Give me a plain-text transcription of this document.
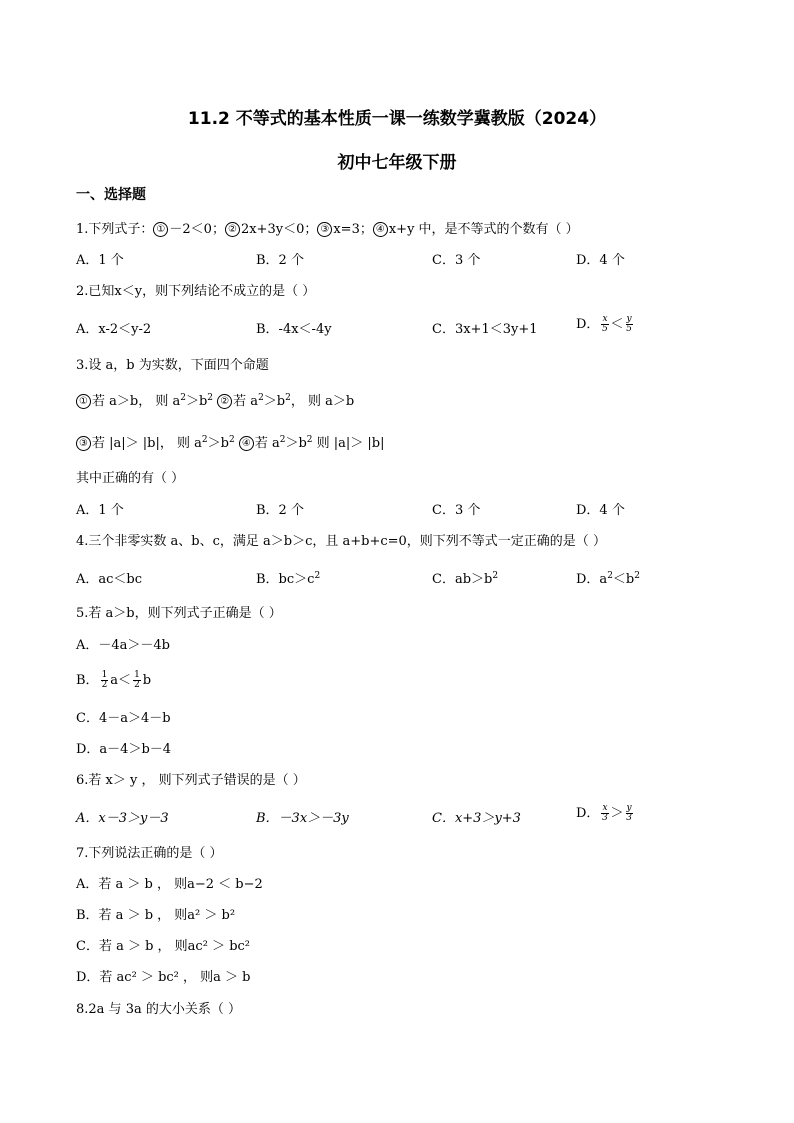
11.2 不等式的基本性质一课一练数学冀教版（2024）
初中七年级下册
一、选择题
1.下列式子： ① －2＜0； ② 2x+3y＜0； ③ x=3； ④ x+y 中，是不等式的个数有（ ）
A．1 个	B．2 个	C．3 个	D．4 个
2.已知x＜y，则下列结论不成立的是（ ）
A．x-2＜y-2	B．-4x＜-4y	C．3x+1＜3y+1	D． $\frac{x}{5} < \frac{y}{5}$
3.设 a，b 为实数，下面四个命题
① 若 a＞b， 则 $a^2>b^2$ ② 若 $a^2>b^2$， 则 a＞b
③ 若 |a|＞ |b|， 则 $a^2>b^2$ ④ 若 $a^2>b^2$ 则 |a|＞ |b|
其中正确的有（ ）
A．1 个	B．2 个	C．3 个	D．4 个
4.三个非零实数 a、b、c，满足 a＞b＞c，且 a+b+c=0，则下列不等式一定正确的是（ ）
A．ac＜bc	B．$bc>c^2$	C．$ab>b^2$	D．$a^2<b^2$
5.若 a＞b，则下列式子正确是（ ）
A．－4a＞－4b
B． $\frac{1}{2} a< \frac{1}{2}$ b
C．4－a＞4－b
D．a－4＞b－4
6.若 x＞ y ， 则下列式子错误的是（ ）
A．x－3＞y－3	B．－3x＞－3y	C．x+3＞y+3	D． $\frac{x}{3} > \frac{y}{3}$
7.下列说法正确的是（ ）
A．若 a ＞ b ， 则a−2 ＜ b−2
B．若 a ＞ b ， 则a² ＞ b²
C．若 a ＞ b ， 则ac² ＞ bc²
D．若 ac² ＞ bc² ， 则a ＞ b
8.2a 与 3a 的大小关系（ ）
